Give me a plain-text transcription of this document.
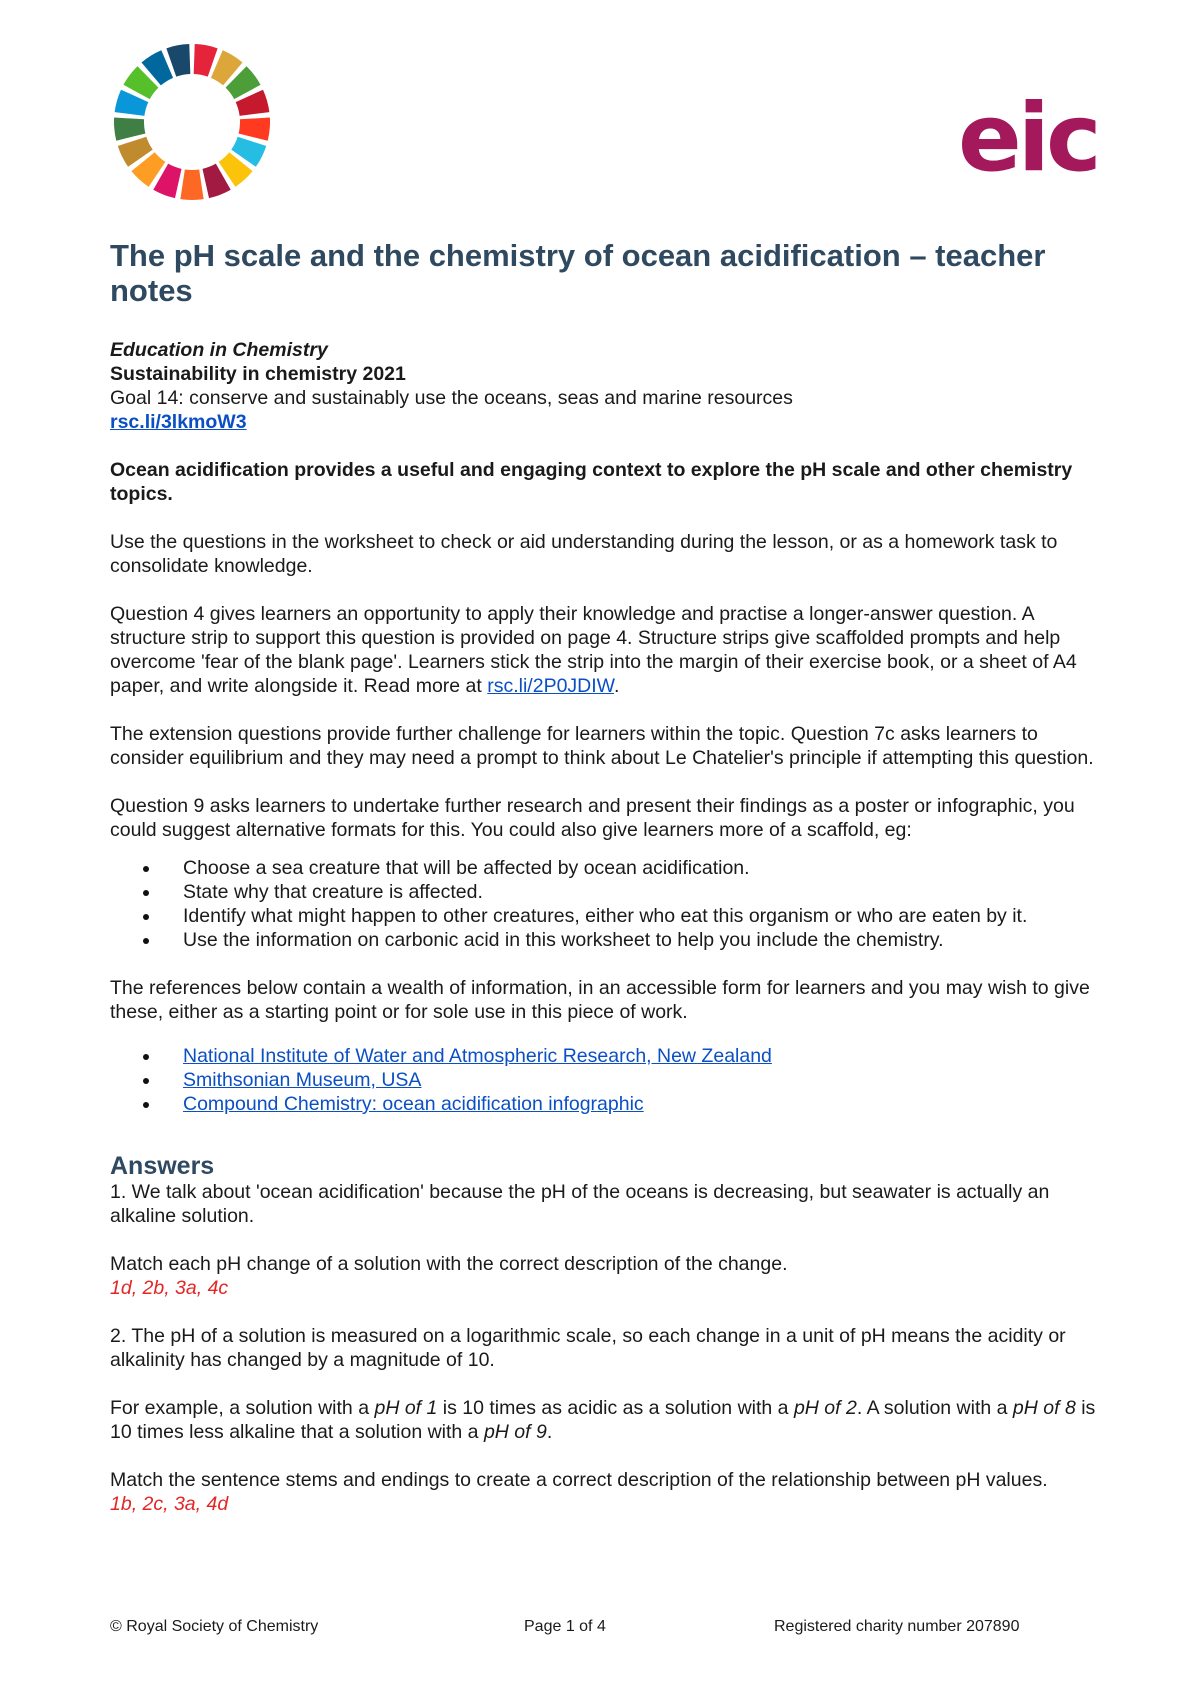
eic
The pH scale and the chemistry of ocean acidification – teacher notes
Education in Chemistry
Sustainability in chemistry 2021
Goal 14: conserve and sustainably use the oceans, seas and marine resources
rsc.li/3lkmoW3

Ocean acidification provides a useful and engaging context to explore the pH scale and other chemistry topics.

Use the questions in the worksheet to check or aid understanding during the lesson, or as a homework task to consolidate knowledge.

Question 4 gives learners an opportunity to apply their knowledge and practise a longer-answer question. A structure strip to support this question is provided on page 4. Structure strips give scaffolded prompts and help overcome 'fear of the blank page'. Learners stick the strip into the margin of their exercise book, or a sheet of A4 paper, and write alongside it. Read more at rsc.li/2P0JDIW.

The extension questions provide further challenge for learners within the topic. Question 7c asks learners to consider equilibrium and they may need a prompt to think about Le Chatelier's principle if attempting this question.

Question 9 asks learners to undertake further research and present their findings as a poster or infographic, you could suggest alternative formats for this. You could also give learners more of a scaffold, eg:

Choose a sea creature that will be affected by ocean acidification.
State why that creature is affected.
Identify what might happen to other creatures, either who eat this organism or who are eaten by it.
Use the information on carbonic acid in this worksheet to help you include the chemistry.

The references below contain a wealth of information, in an accessible form for learners and you may wish to give these, either as a starting point or for sole use in this piece of work.

National Institute of Water and Atmospheric Research, New Zealand
Smithsonian Museum, USA
Compound Chemistry: ocean acidification infographic
Answers

1. We talk about 'ocean acidification' because the pH of the oceans is decreasing, but seawater is actually an alkaline solution.

Match each pH change of a solution with the correct description of the change.

1d, 2b, 3a, 4c

2. The pH of a solution is measured on a logarithmic scale, so each change in a unit of pH means the acidity or alkalinity has changed by a magnitude of 10.

For example, a solution with a pH of 1 is 10 times as acidic as a solution with a pH of 2. A solution with a pH of 8 is 10 times less alkaline that a solution with a pH of 9.

Match the sentence stems and endings to create a correct description of the relationship between pH values.

1b, 2c, 3a, 4d

© Royal Society of Chemistry	Page 1 of 4	Registered charity number 207890
